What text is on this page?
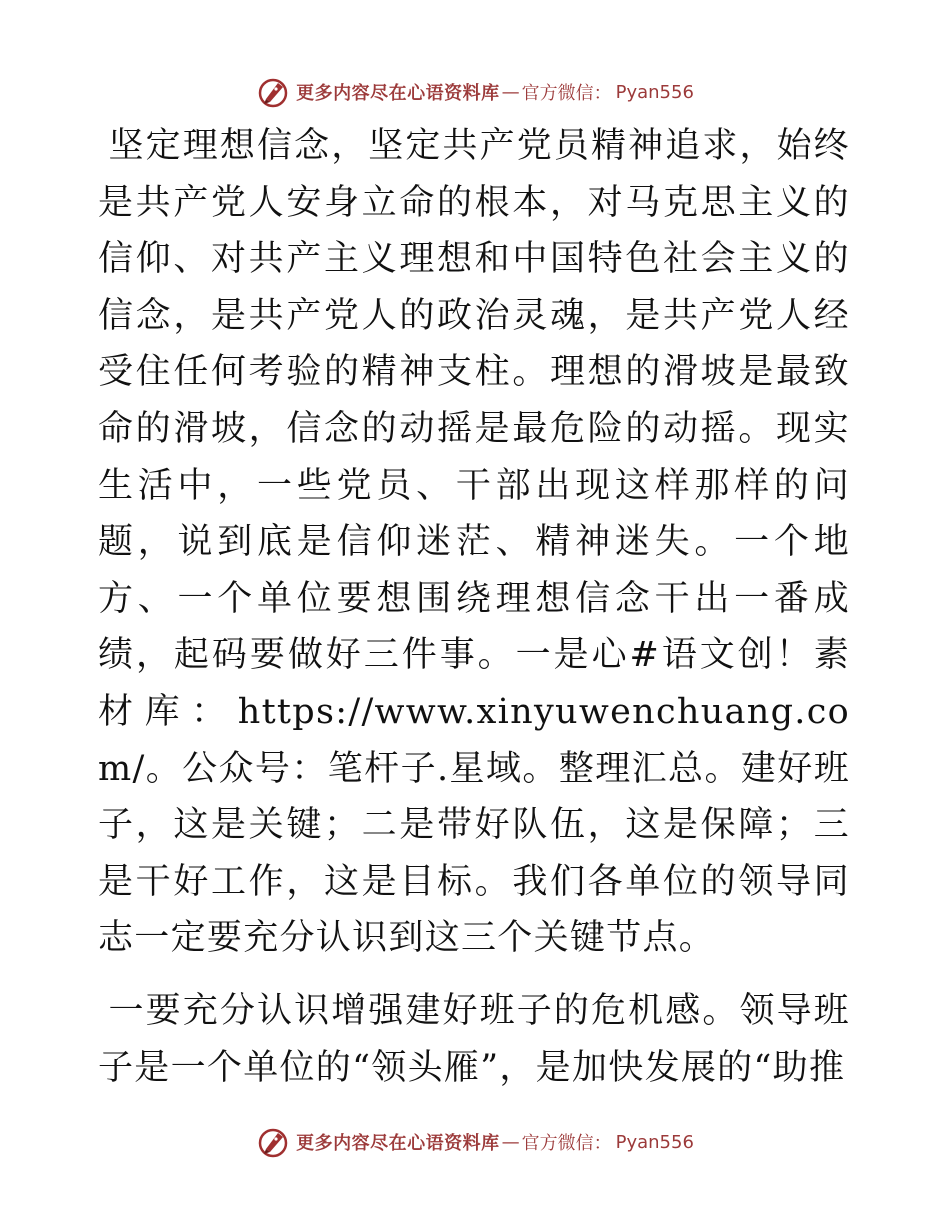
更多内容尽在心语资料库 — 官方微信： Pyan556

坚定理想信念，坚定共产党员精神追求，始终是共产党人安身立命的根本，对马克思主义的信仰、对共产主义理想和中国特色社会主义的信念，是共产党人的政治灵魂，是共产党人经受住任何考验的精神支柱。理想的滑坡是最致命的滑坡，信念的动摇是最危险的动摇。现实生活中，一些党员、干部出现这样那样的问题，说到底是信仰迷茫、精神迷失。一个地方、一个单位要想围绕理想信念干出一番成绩，起码要做好三件事。一是心#语文创！素材库：https://www.xinyuwenchuang.com/。公众号：笔杆子.星域。整理汇总。建好班子，这是关键；二是带好队伍，这是保障；三是干好工作，这是目标。我们各单位的领导同志一定要充分认识到这三个关键节点。

一要充分认识增强建好班子的危机感。领导班子是一个单位的“领头雁”，是加快发展的“助推

更多内容尽在心语资料库 — 官方微信： Pyan556
